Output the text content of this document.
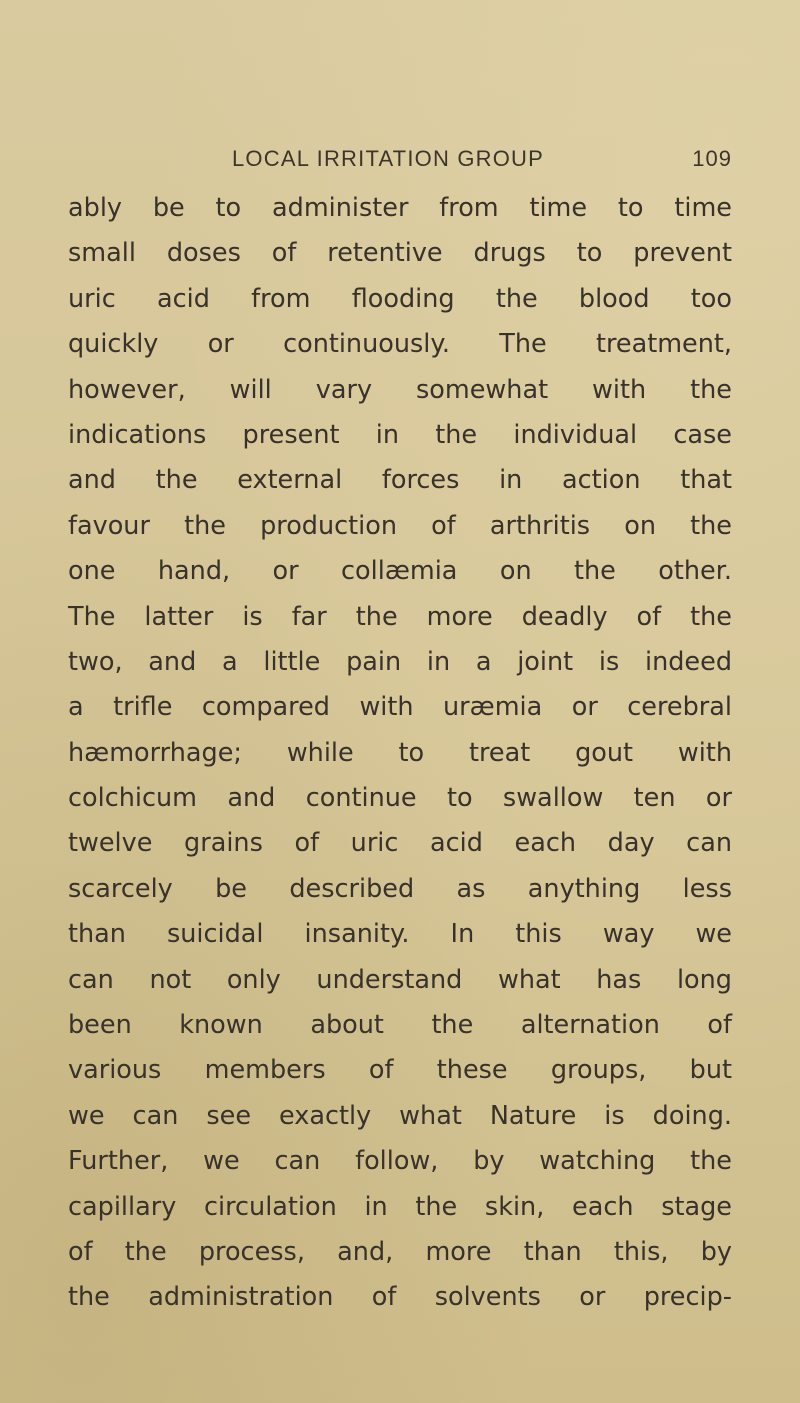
LOCAL IRRITATION GROUP	109
ably be to administer from time to time
small doses of retentive drugs to prevent
uric acid from flooding the blood too
quickly or continuously. The treatment,
however, will vary somewhat with the
indications present in the individual case
and the external forces in action that
favour the production of arthritis on the
one hand, or collæmia on the other.
The latter is far the more deadly of the
two, and a little pain in a joint is indeed
a trifle compared with uræmia or cerebral
hæmorrhage; while to treat gout with
colchicum and continue to swallow ten or
twelve grains of uric acid each day can
scarcely be described as anything less
than suicidal insanity. In this way we
can not only understand what has long
been known about the alternation of
various members of these groups, but
we can see exactly what Nature is doing.
Further, we can follow, by watching the
capillary circulation in the skin, each stage
of the process, and, more than this, by
the administration of solvents or precip-
